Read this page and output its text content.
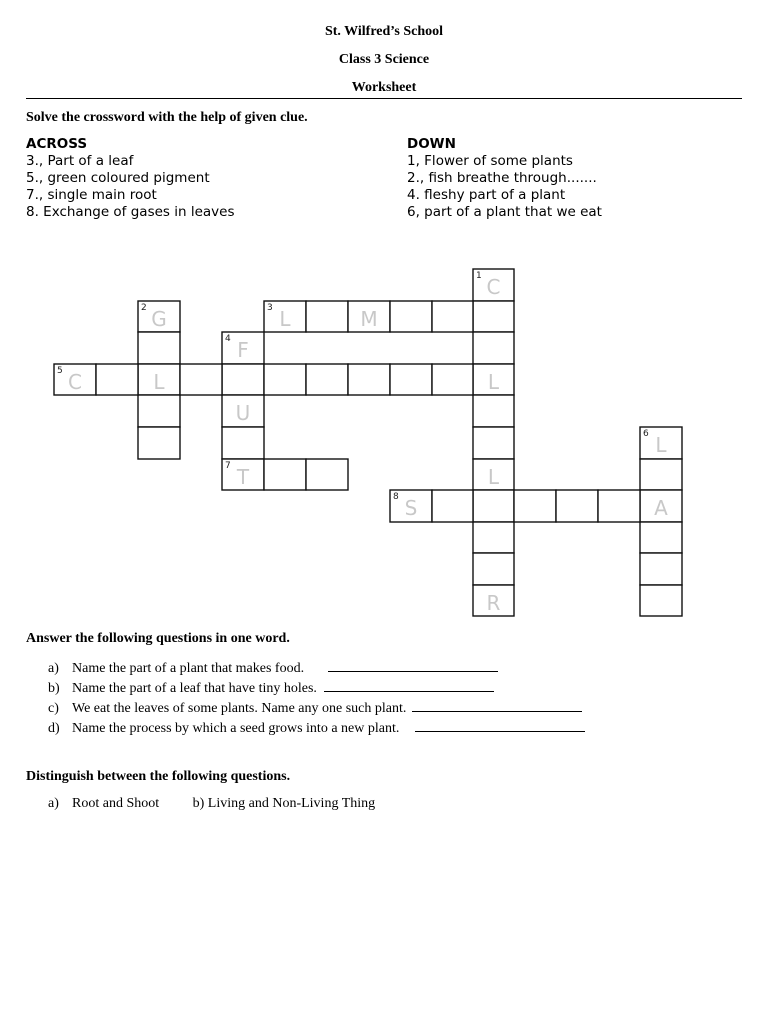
St. Wilfred’s School
Class 3 Science
Worksheet
Solve the crossword with the help of given clue.
ACROSS
3., Part of a leaf
5., green coloured pigment
7., single main root
8. Exchange of gases in leaves
DOWN
1, Flower of some plants
2., fish breathe through.......
4. fleshy part of a plant
6, part of a plant that we eat
1
2	3
4
5
6
7
8
C
G	L	M
F
C	L	L
U
L
L
T
S	A
R
Answer the following questions in one word.
a) Name the part of a plant that makes food.
b) Name the part of a leaf that have tiny holes.
c) We eat the leaves of some plants. Name any one such plant.
d) Name the process by which a seed grows into a new plant.
Distinguish between the following questions.
a) Root and Shoot b) Living and Non-Living Thing
